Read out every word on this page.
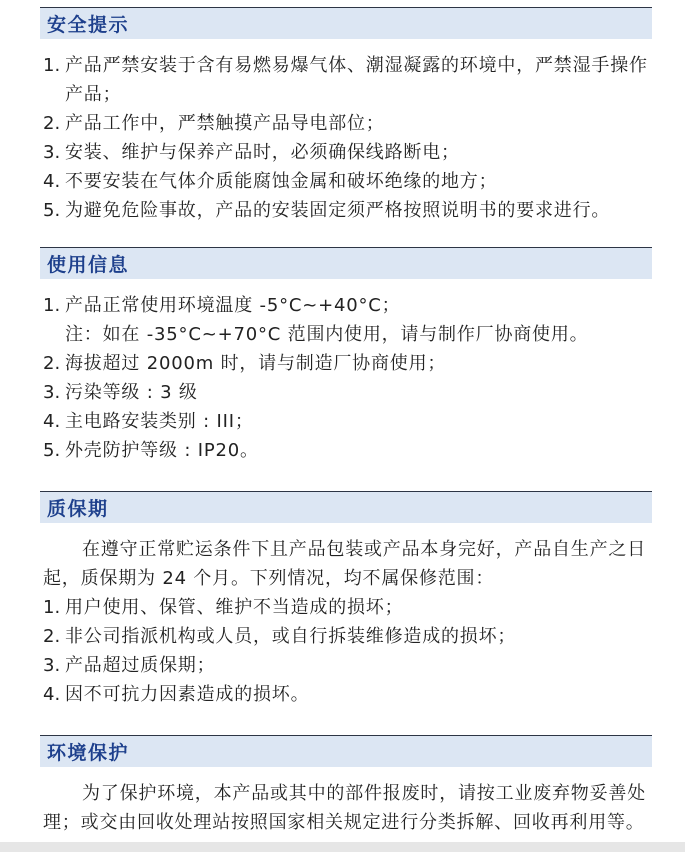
安全提示
1. 产品严禁安装于含有易燃易爆气体、潮湿凝露的环境中，严禁湿手操作
产品；
2. 产品工作中，严禁触摸产品导电部位；
3. 安装、维护与保养产品时，必须确保线路断电；
4. 不要安装在气体介质能腐蚀金属和破坏绝缘的地方；
5. 为避免危险事故，产品的安装固定须严格按照说明书的要求进行。
使用信息
1. 产品正常使用环境温度 -5°C~+40°C；
注：如在 -35°C~+70°C 范围内使用，请与制作厂协商使用。
2. 海拔超过 2000m 时，请与制造厂协商使用；
3. 污染等级 : 3 级
4. 主电路安装类别 : III；
5. 外壳防护等级 : IP20。
质保期
在遵守正常贮运条件下且产品包装或产品本身完好，产品自生产之日
起，质保期为 24 个月。下列情况，均不属保修范围：
1. 用户使用、保管、维护不当造成的损坏；
2. 非公司指派机构或人员，或自行拆装维修造成的损坏；
3. 产品超过质保期；
4. 因不可抗力因素造成的损坏。
环境保护
为了保护环境，本产品或其中的部件报废时，请按工业废弃物妥善处
理；或交由回收处理站按照国家相关规定进行分类拆解、回收再利用等。
